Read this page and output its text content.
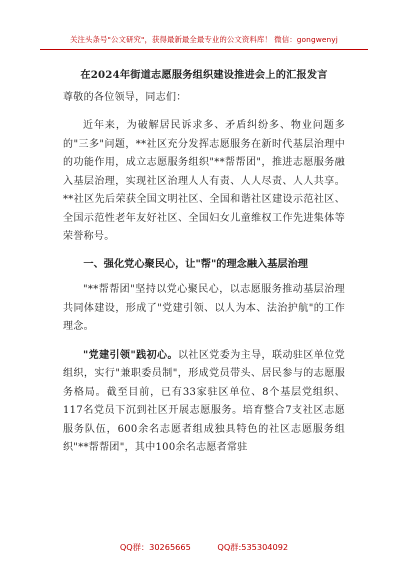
关注头条号"公文研究"，获得最新最全最专业的公文资料库！ 微信：gongwenyj
在2024年街道志愿服务组织建设推进会上的汇报发言

尊敬的各位领导，同志们：

近年来，为破解居民诉求多、矛盾纠纷多、物业问题多的"三多"问题，**社区充分发挥志愿服务在新时代基层治理中的功能作用，成立志愿服务组织"**帮帮团"，推进志愿服务融入基层治理，实现社区治理人人有责、人人尽责、人人共享。**社区先后荣获全国文明社区、全国和谐社区建设示范社区、全国示范性老年友好社区、全国妇女儿童维权工作先进集体等荣誉称号。

一、强化党心聚民心，让"帮"的理念融入基层治理

"**帮帮团"坚持以党心聚民心，以志愿服务推动基层治理共同体建设，形成了"党建引领、以人为本、法治护航"的工作理念。

"党建引领"践初心。以社区党委为主导，联动驻区单位党组织，实行"兼职委员制"，形成党员带头、居民参与的志愿服务格局。截至目前，已有33家驻区单位、8个基层党组织、117名党员下沉到社区开展志愿服务。培育整合7支社区志愿服务队伍，600余名志愿者组成独具特色的社区志愿服务组织"**帮帮团"，其中100余名志愿者常驻

QQ群：30265665	QQ群:535304092
